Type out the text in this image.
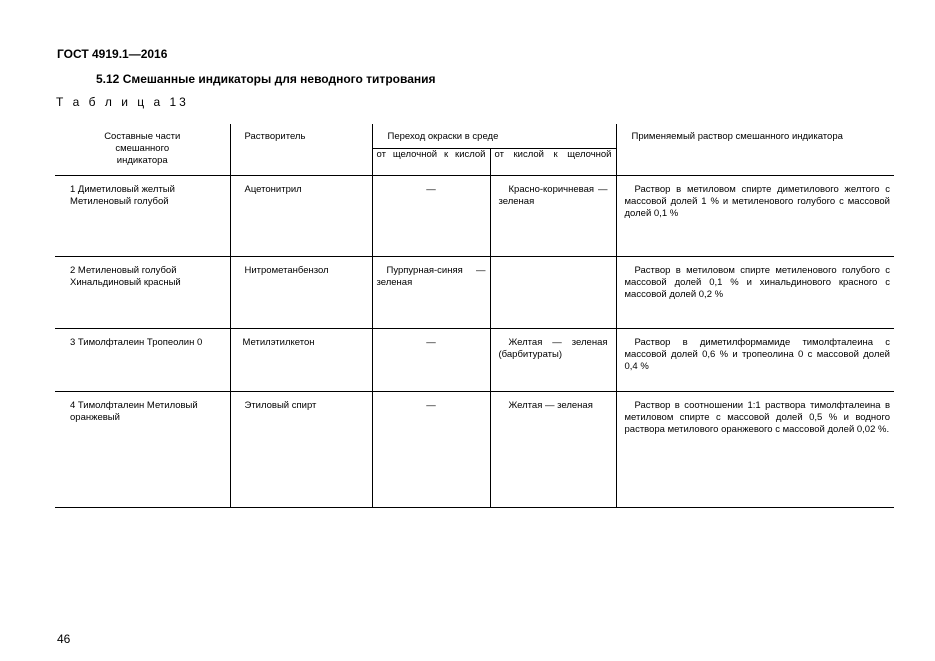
ГОСТ 4919.1—2016
5.12 Смешанные индикаторы для неводного титрования
Т а б л и ц а 13
Составные части смешанного индикатора	Растворитель	Переход окраски в среде		Применяемый раствор смешанного индикатора
		от щелочной к кислой	от кислой к щелочной	
1 Диметиловый желтый Метиленовый голубой	Ацетонитрил	—	Красно-коричневая — зеленая	Раствор в метиловом спирте диметилового желтого с массовой долей 1 % и метиленового голубого с массовой долей 0,1 %
2 Метиленовый голубой Хинальдиновый красный	Нитрометанбензол	Пурпурная-синяя — зеленая		Раствор в метиловом спирте метиленового голубого с массовой долей 0,1 % и хинальдинового красного с массовой долей 0,2 %
3 Тимолфталеин Тропеолин 0	Метилэтилкетон	—	Желтая — зеленая (барбитураты)	Раствор в диметилформамиде тимолфталеина с массовой долей 0,6 % и тропеолина 0 с массовой долей 0,4 %
4 Тимолфталеин Метиловый оранжевый	Этиловый спирт	—	Желтая — зеленая	Раствор в соотношении 1:1 раствора тимолфталеина в метиловом спирте с массовой долей 0,5 % и водного раствора метилового оранжевого с массовой долей 0,02 %.
46
